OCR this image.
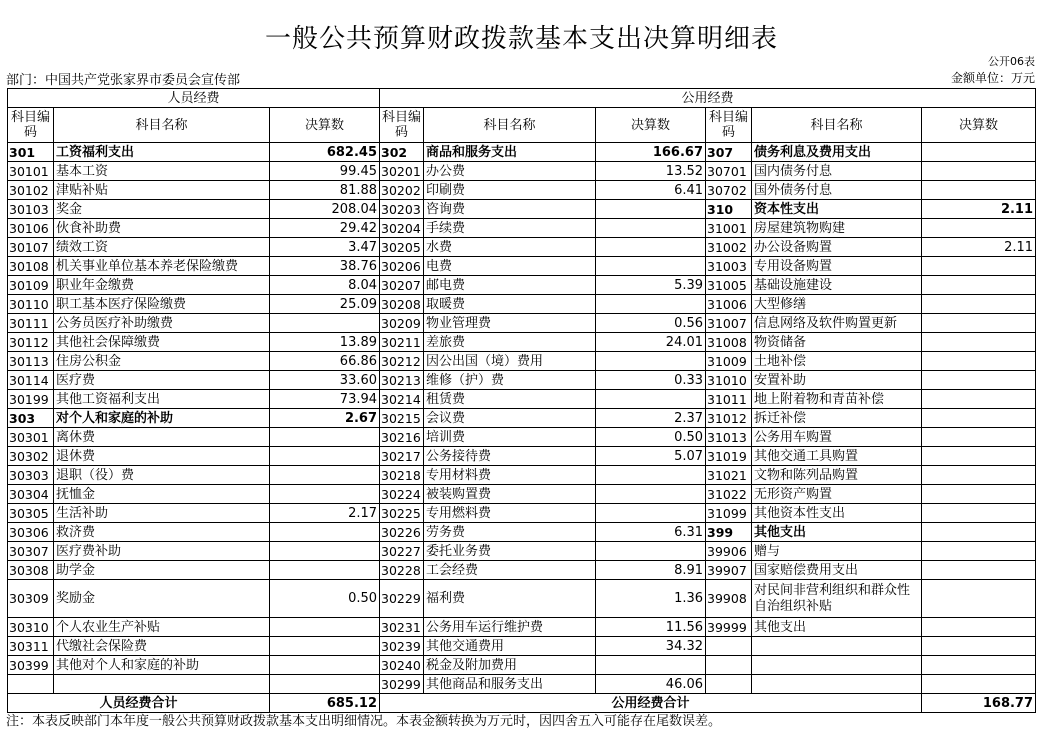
一般公共预算财政拨款基本支出决算明细表
公开06表
部门：中国共产党张家界市委员会宣传部	金额单位：万元
人员经费			公用经费					
科目编码	科目名称	决算数	科目编码	科目名称	决算数	科目编码	科目名称	决算数
301	工资福利支出	682.45	302	商品和服务支出	166.67	307	债务利息及费用支出	
30101	基本工资	99.45	30201	办公费	13.52	30701	国内债务付息	
30102	津贴补贴	81.88	30202	印刷费	6.41	30702	国外债务付息	
30103	奖金	208.04	30203	咨询费		310	资本性支出	2.11
30106	伙食补助费	29.42	30204	手续费		31001	房屋建筑物购建	
30107	绩效工资	3.47	30205	水费		31002	办公设备购置	2.11
30108	机关事业单位基本养老保险缴费	38.76	30206	电费		31003	专用设备购置	
30109	职业年金缴费	8.04	30207	邮电费	5.39	31005	基础设施建设	
30110	职工基本医疗保险缴费	25.09	30208	取暖费		31006	大型修缮	
30111	公务员医疗补助缴费		30209	物业管理费	0.56	31007	信息网络及软件购置更新	
30112	其他社会保障缴费	13.89	30211	差旅费	24.01	31008	物资储备	
30113	住房公积金	66.86	30212	因公出国（境）费用		31009	土地补偿	
30114	医疗费	33.60	30213	维修（护）费	0.33	31010	安置补助	
30199	其他工资福利支出	73.94	30214	租赁费		31011	地上附着物和青苗补偿	
303	对个人和家庭的补助	2.67	30215	会议费	2.37	31012	拆迁补偿	
30301	离休费		30216	培训费	0.50	31013	公务用车购置	
30302	退休费		30217	公务接待费	5.07	31019	其他交通工具购置	
30303	退职（役）费		30218	专用材料费		31021	文物和陈列品购置	
30304	抚恤金		30224	被装购置费		31022	无形资产购置	
30305	生活补助	2.17	30225	专用燃料费		31099	其他资本性支出	
30306	救济费		30226	劳务费	6.31	399	其他支出	
30307	医疗费补助		30227	委托业务费		39906	赠与	
30308	助学金		30228	工会经费	8.91	39907	国家赔偿费用支出	
30309	奖励金	0.50	30229	福利费	1.36	39908	对民间非营利组织和群众性自治组织补贴	
30310	个人农业生产补贴		30231	公务用车运行维护费	11.56	39999	其他支出	
30311	代缴社会保险费		30239	其他交通费用	34.32			
30399	其他对个人和家庭的补助		30240	税金及附加费用				
			30299	其他商品和服务支出	46.06			
人员经费合计		685.12	公用经费合计					168.77
注：本表反映部门本年度一般公共预算财政拨款基本支出明细情况。本表金额转换为万元时，因四舍五入可能存在尾数误差。
